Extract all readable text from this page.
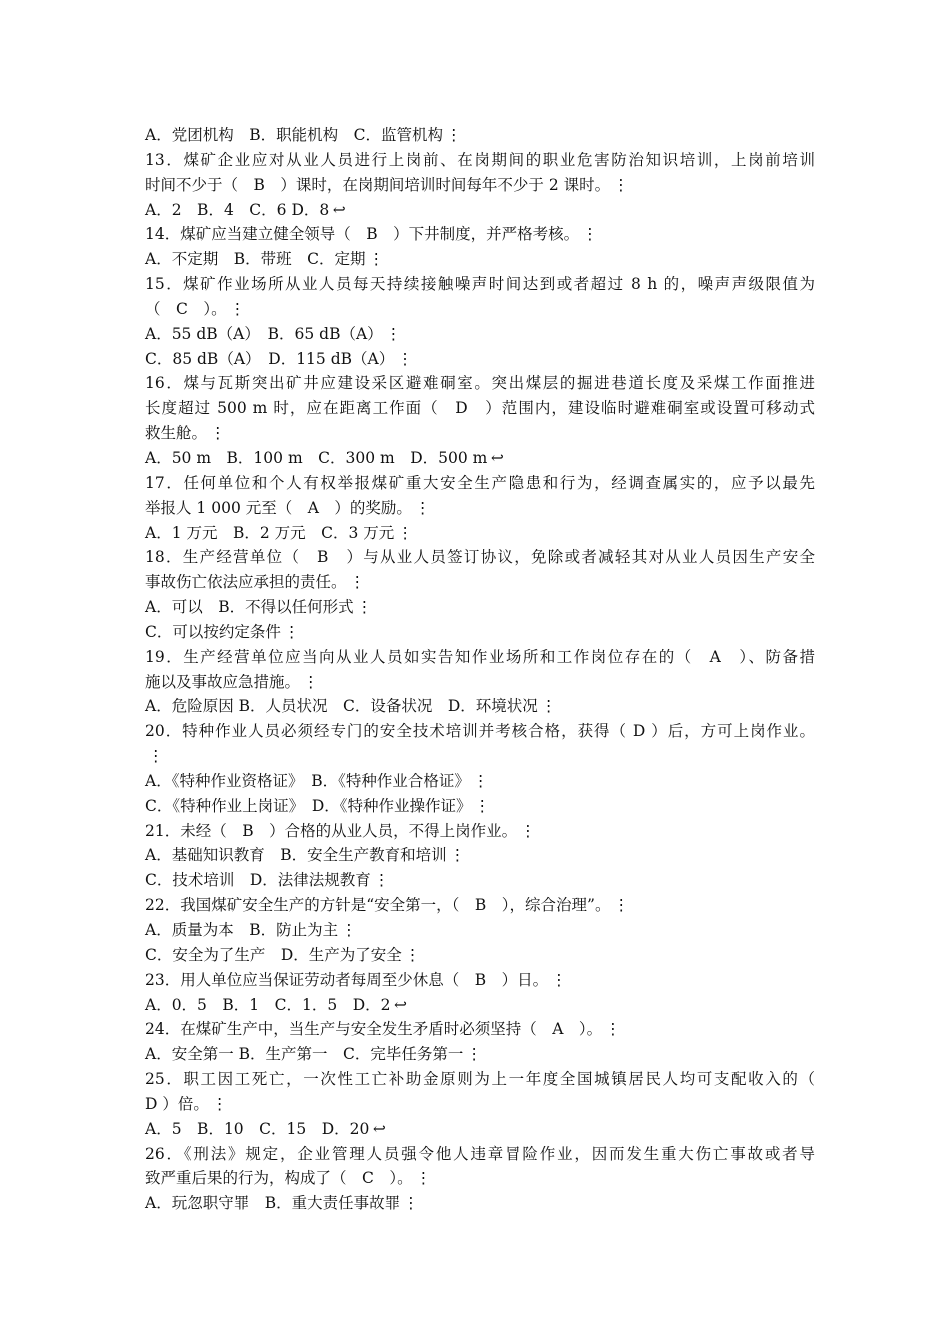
A．党团机构　B．职能机构　C．监管机构 ⋮
13．煤矿企业应对从业人员进行上岗前、在岗期间的职业危害防治知识培训，上岗前培训
时间不少于（　B　）课时，在岗期间培训时间每年不少于 2 课时。 ⋮
A．2　B．4　C．6 D．8 ↩
14．煤矿应当建立健全领导（　B　）下井制度，并严格考核。 ⋮
A．不定期　B．带班　C．定期 ⋮
15．煤矿作业场所从业人员每天持续接触噪声时间达到或者超过 8 h 的，噪声声级限值为
（　C　）。 ⋮
A．55 dB（A）　B．65 dB（A） ⋮
C．85 dB（A）　D．115 dB（A） ⋮
16．煤与瓦斯突出矿井应建设采区避难硐室。突出煤层的掘进巷道长度及采煤工作面推进
长度超过 500 m 时，应在距离工作面（　D　）范围内，建设临时避难硐室或设置可移动式
救生舱。 ⋮
A．50 m　B．100 m　C．300 m　D．500 m ↩
17．任何单位和个人有权举报煤矿重大安全生产隐患和行为，经调查属实的，应予以最先
举报人 1 000 元至（　A　）的奖励。 ⋮
A．1 万元　B．2 万元　C．3 万元 ⋮
18．生产经营单位（　B　）与从业人员签订协议，免除或者减轻其对从业人员因生产安全
事故伤亡依法应承担的责任。 ⋮
A．可以　B．不得以任何形式 ⋮
C．可以按约定条件 ⋮
19．生产经营单位应当向从业人员如实告知作业场所和工作岗位存在的（　A　）、防备措
施以及事故应急措施。 ⋮
A．危险原因 B．人员状况　C．设备状况　D．环境状况 ⋮
20．特种作业人员必须经专门的安全技术培训并考核合格，获得（ D ）后，方可上岗作业。
⋮
A．《特种作业资格证》　B．《特种作业合格证》 ⋮
C．《特种作业上岗证》　D．《特种作业操作证》 ⋮
21．未经（　B　）合格的从业人员，不得上岗作业。 ⋮
A．基础知识教育　B．安全生产教育和培训 ⋮
C．技术培训　D．法律法规教育 ⋮
22．我国煤矿安全生产的方针是“安全第一，（　B　），综合治理”。 ⋮
A．质量为本　B．防止为主 ⋮
C．安全为了生产　D．生产为了安全 ⋮
23．用人单位应当保证劳动者每周至少休息（　B　）日。 ⋮
A．0．5　B．1　C．1．5　D．2 ↩
24．在煤矿生产中，当生产与安全发生矛盾时必须坚持（　A　）。 ⋮
A．安全第一 B．生产第一　C．完毕任务第一 ⋮
25．职工因工死亡，一次性工亡补助金原则为上一年度全国城镇居民人均可支配收入的（
D ）倍。 ⋮
A．5　B．10　C．15　D．20 ↩
26．《刑法》规定，企业管理人员强令他人违章冒险作业，因而发生重大伤亡事故或者导
致严重后果的行为，构成了（　C　）。 ⋮
A．玩忽职守罪　B．重大责任事故罪 ⋮
